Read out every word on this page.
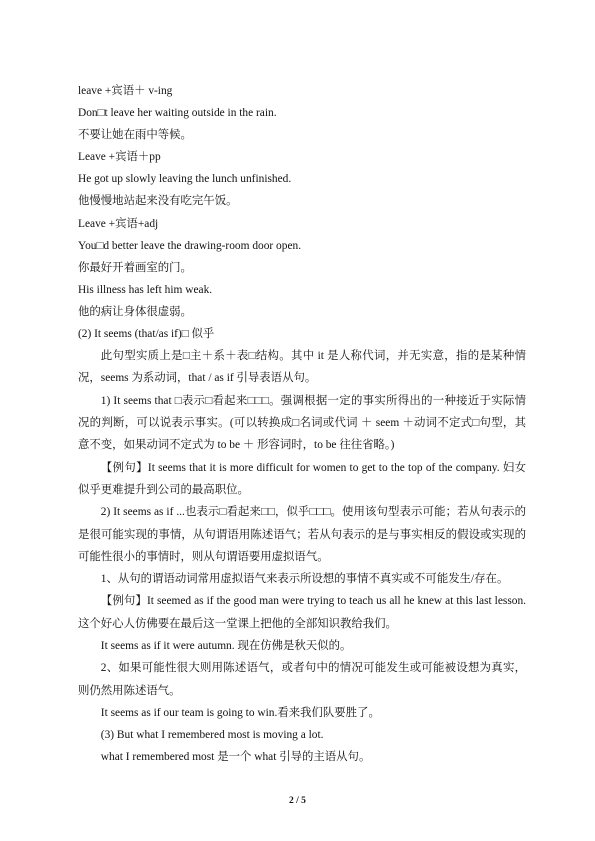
leave +宾语＋ v-ing
Don□t leave her waiting outside in the rain.
不要让她在雨中等候。
Leave +宾语＋pp
He got up slowly leaving the lunch unfinished.
他慢慢地站起来没有吃完午饭。
Leave +宾语+adj
You□d better leave the drawing-room door open.
你最好开着画室的门。
His illness has left him weak.
他的病让身体很虚弱。
(2) It seems (that/as if)□ 似乎

此句型实质上是□主＋系＋表□结构。其中 it 是人称代词，并无实意，指的是某种情况，seems 为系动词，that / as if 引导表语从句。

1) It seems that □表示□看起来□□□。强调根据一定的事实所得出的一种接近于实际情况的判断，可以说表示事实。(可以转换成□名词或代词 ＋ seem ＋动词不定式□句型，其意不变，如果动词不定式为 to be ＋ 形容词时，to be 往往省略。)

【例句】It seems that it is more difficult for women to get to the top of the company. 妇女似乎更难提升到公司的最高职位。

2) It seems as if ...也表示□看起来□□，似乎□□□。使用该句型表示可能；若从句表示的是很可能实现的事情，从句谓语用陈述语气；若从句表示的是与事实相反的假设或实现的可能性很小的事情时，则从句谓语要用虚拟语气。

1、从句的谓语动词常用虚拟语气来表示所设想的事情不真实或不可能发生/存在。

【例句】It seemed as if the good man were trying to teach us all he knew at this last lesson.这个好心人仿佛要在最后这一堂课上把他的全部知识教给我们。

It seems as if it were autumn. 现在仿佛是秋天似的。

2、如果可能性很大则用陈述语气，或者句中的情况可能发生或可能被设想为真实，则仍然用陈述语气。

It seems as if our team is going to win.看来我们队要胜了。

(3) But what I remembered most is moving a lot.

what I remembered most 是一个 what 引导的主语从句。

2 / 5
